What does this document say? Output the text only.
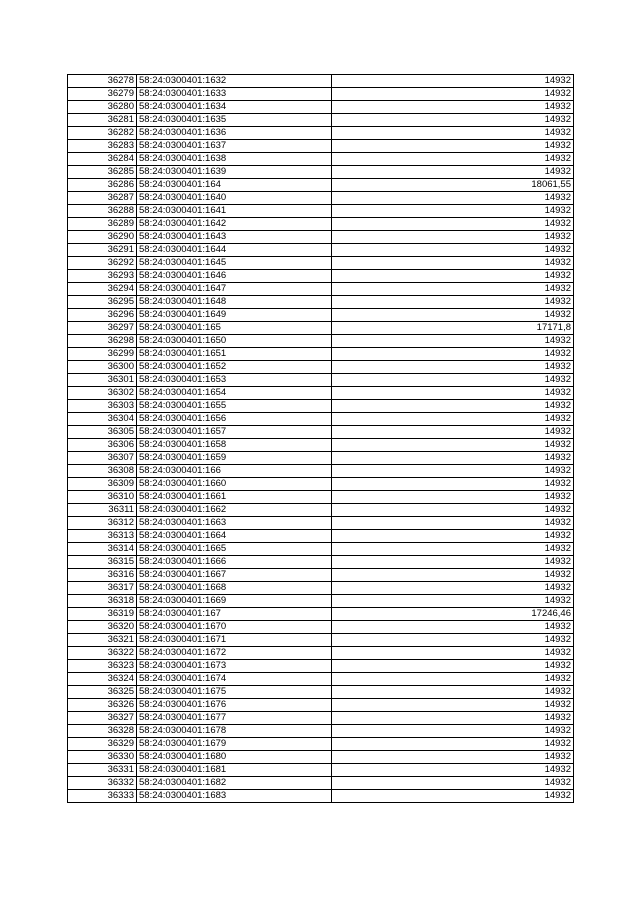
36278	58:24:0300401:1632	14932
36279	58:24:0300401:1633	14932
36280	58:24:0300401:1634	14932
36281	58:24:0300401:1635	14932
36282	58:24:0300401:1636	14932
36283	58:24:0300401:1637	14932
36284	58:24:0300401:1638	14932
36285	58:24:0300401:1639	14932
36286	58:24:0300401:164	18061,55
36287	58:24:0300401:1640	14932
36288	58:24:0300401:1641	14932
36289	58:24:0300401:1642	14932
36290	58:24:0300401:1643	14932
36291	58:24:0300401:1644	14932
36292	58:24:0300401:1645	14932
36293	58:24:0300401:1646	14932
36294	58:24:0300401:1647	14932
36295	58:24:0300401:1648	14932
36296	58:24:0300401:1649	14932
36297	58:24:0300401:165	17171,8
36298	58:24:0300401:1650	14932
36299	58:24:0300401:1651	14932
36300	58:24:0300401:1652	14932
36301	58:24:0300401:1653	14932
36302	58:24:0300401:1654	14932
36303	58:24:0300401:1655	14932
36304	58:24:0300401:1656	14932
36305	58:24:0300401:1657	14932
36306	58:24:0300401:1658	14932
36307	58:24:0300401:1659	14932
36308	58:24:0300401:166	14932
36309	58:24:0300401:1660	14932
36310	58:24:0300401:1661	14932
36311	58:24:0300401:1662	14932
36312	58:24:0300401:1663	14932
36313	58:24:0300401:1664	14932
36314	58:24:0300401:1665	14932
36315	58:24:0300401:1666	14932
36316	58:24:0300401:1667	14932
36317	58:24:0300401:1668	14932
36318	58:24:0300401:1669	14932
36319	58:24:0300401:167	17246,46
36320	58:24:0300401:1670	14932
36321	58:24:0300401:1671	14932
36322	58:24:0300401:1672	14932
36323	58:24:0300401:1673	14932
36324	58:24:0300401:1674	14932
36325	58:24:0300401:1675	14932
36326	58:24:0300401:1676	14932
36327	58:24:0300401:1677	14932
36328	58:24:0300401:1678	14932
36329	58:24:0300401:1679	14932
36330	58:24:0300401:1680	14932
36331	58:24:0300401:1681	14932
36332	58:24:0300401:1682	14932
36333	58:24:0300401:1683	14932
